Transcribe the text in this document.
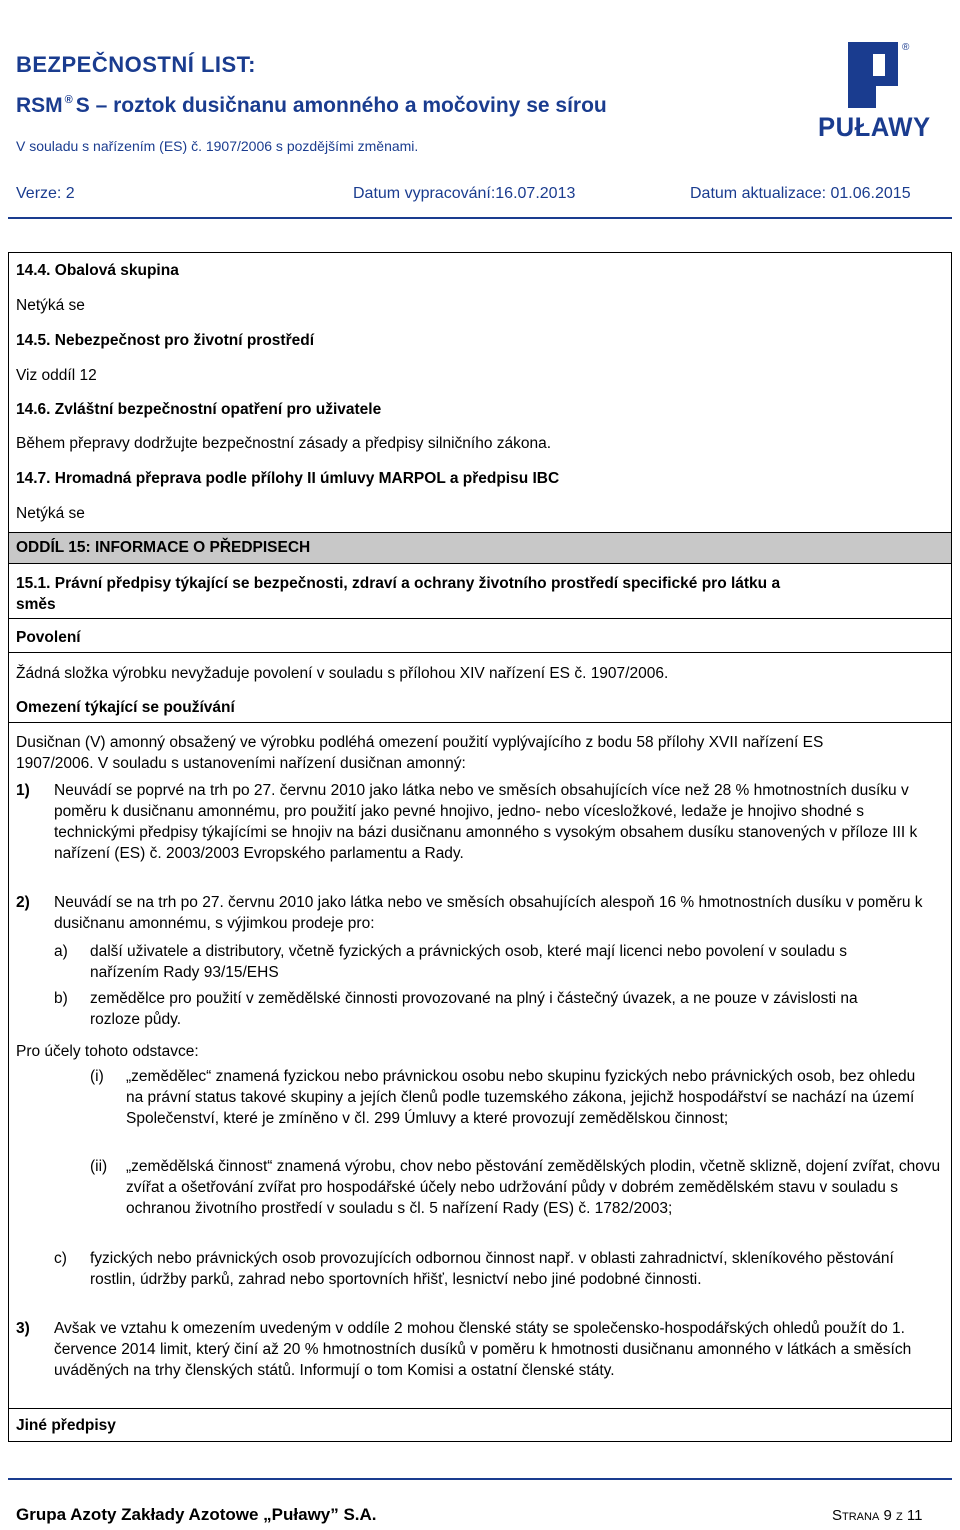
BEZPEČNOSTNÍ LIST:
RSM ® S – roztok dusičnanu amonného a močoviny se sírou
V souladu s nařízením (ES) č. 1907/2006 s pozdějšími změnami.
Verze: 2	Datum vypracování:16.07.2013	Datum aktualizace: 01.06.2015
®
PUŁAWY
14.4. Obalová skupina
Netýká se
14.5. Nebezpečnost pro životní prostředí
Viz oddíl 12
14.6. Zvláštní bezpečnostní opatření pro uživatele
Během přepravy dodržujte bezpečnostní zásady a předpisy silničního zákona.
14.7. Hromadná přeprava podle přílohy II úmluvy MARPOL a předpisu IBC
Netýká se
ODDÍL 15: INFORMACE O PŘEDPISECH
15.1. Právní předpisy týkající se bezpečnosti, zdraví a ochrany životního prostředí specifické pro látku a
směs
Povolení
Žádná složka výrobku nevyžaduje povolení v souladu s přílohou XIV nařízení ES č. 1907/2006.
Omezení týkající se používání
Dusičnan (V) amonný obsažený ve výrobku podléhá omezení použití vyplývajícího z bodu 58 přílohy XVII nařízení ES 1907/2006. V souladu s ustanoveními nařízení dusičnan amonný:
1) Neuvádí se poprvé na trh po 27. červnu 2010 jako látka nebo ve směsích obsahujících více než 28 % hmotnostních dusíku v poměru k dusičnanu amonnému, pro použití jako pevné hnojivo, jedno- nebo vícesložkové, ledaže je hnojivo shodné s technickými předpisy týkajícími se hnojiv na bázi dusičnanu amonného s vysokým obsahem dusíku stanovených v příloze III k nařízení (ES) č. 2003/2003 Evropského parlamentu a Rady.
2) Neuvádí se na trh po 27. červnu 2010 jako látka nebo ve směsích obsahujících alespoň 16 % hmotnostních dusíku v poměru k dusičnanu amonnému, s výjimkou prodeje pro:
a) další uživatele a distributory, včetně fyzických a právnických osob, které mají licenci nebo povolení v souladu s nařízením Rady 93/15/EHS
b) zemědělce pro použití v zemědělské činnosti provozované na plný i částečný úvazek, a ne pouze v závislosti na rozloze půdy.
Pro účely tohoto odstavce:
(i) „zemědělec“ znamená fyzickou nebo právnickou osobu nebo skupinu fyzických nebo právnických osob, bez ohledu na právní status takové skupiny a jejích členů podle tuzemského zákona, jejichž hospodářství se nachází na území Společenství, které je zmíněno v čl. 299 Úmluvy a které provozují zemědělskou činnost;
(ii) „zemědělská činnost“ znamená výrobu, chov nebo pěstování zemědělských plodin, včetně sklizně, dojení zvířat, chovu zvířat a ošetřování zvířat pro hospodářské účely nebo udržování půdy v dobrém zemědělském stavu v souladu s ochranou životního prostředí v souladu s čl. 5 nařízení Rady (ES) č. 1782/2003;
c) fyzických nebo právnických osob provozujících odbornou činnost např. v oblasti zahradnictví, skleníkového pěstování rostlin, údržby parků, zahrad nebo sportovních hřišť, lesnictví nebo jiné podobné činnosti.
3) Avšak ve vztahu k omezením uvedeným v oddíle 2 mohou členské státy se společensko-hospodářských ohledů použít do 1. července 2014 limit, který činí až 20 % hmotnostních dusíků v poměru k hmotnosti dusičnanu amonného v látkách a směsích uváděných na trhy členských států. Informují o tom Komisi a ostatní členské státy.
Jiné předpisy
Grupa Azoty Zakłady Azotowe „Puławy” S.A.	Strana 9 z 11
